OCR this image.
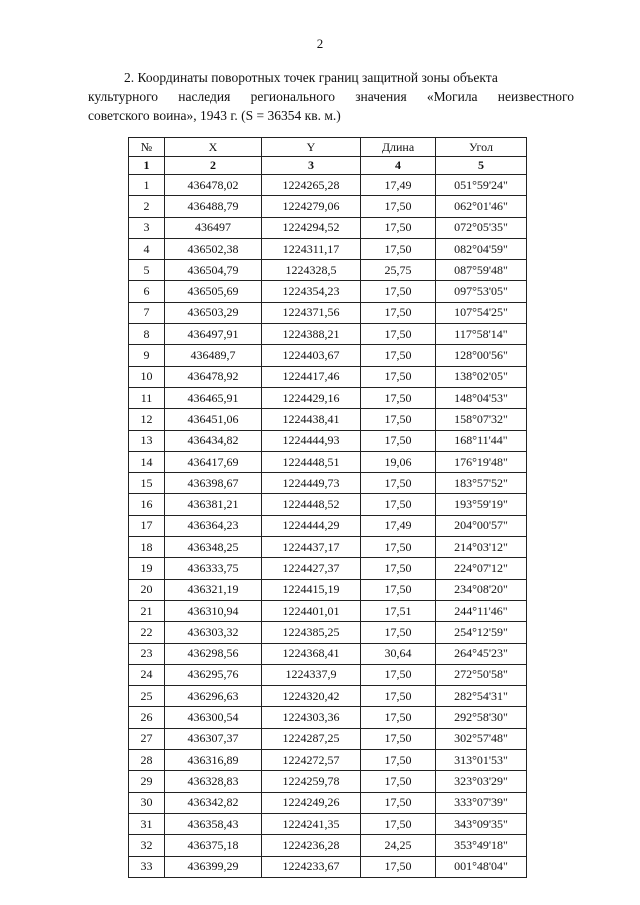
2
2. Координаты поворотных точек границ защитной зоны объекта
культурного наследия регионального значения «Могила неизвестного
советского воина», 1943 г. (S = 36354 кв. м.)
№	X	Y	Длина	Угол
1	2	3	4	5
1	436478,02	1224265,28	17,49	051°59'24"
2	436488,79	1224279,06	17,50	062°01'46"
3	436497	1224294,52	17,50	072°05'35"
4	436502,38	1224311,17	17,50	082°04'59"
5	436504,79	1224328,5	25,75	087°59'48"
6	436505,69	1224354,23	17,50	097°53'05"
7	436503,29	1224371,56	17,50	107°54'25"
8	436497,91	1224388,21	17,50	117°58'14"
9	436489,7	1224403,67	17,50	128°00'56"
10	436478,92	1224417,46	17,50	138°02'05"
11	436465,91	1224429,16	17,50	148°04'53"
12	436451,06	1224438,41	17,50	158°07'32"
13	436434,82	1224444,93	17,50	168°11'44"
14	436417,69	1224448,51	19,06	176°19'48"
15	436398,67	1224449,73	17,50	183°57'52"
16	436381,21	1224448,52	17,50	193°59'19"
17	436364,23	1224444,29	17,49	204°00'57"
18	436348,25	1224437,17	17,50	214°03'12"
19	436333,75	1224427,37	17,50	224°07'12"
20	436321,19	1224415,19	17,50	234°08'20"
21	436310,94	1224401,01	17,51	244°11'46"
22	436303,32	1224385,25	17,50	254°12'59"
23	436298,56	1224368,41	30,64	264°45'23"
24	436295,76	1224337,9	17,50	272°50'58"
25	436296,63	1224320,42	17,50	282°54'31"
26	436300,54	1224303,36	17,50	292°58'30"
27	436307,37	1224287,25	17,50	302°57'48"
28	436316,89	1224272,57	17,50	313°01'53"
29	436328,83	1224259,78	17,50	323°03'29"
30	436342,82	1224249,26	17,50	333°07'39"
31	436358,43	1224241,35	17,50	343°09'35"
32	436375,18	1224236,28	24,25	353°49'18"
33	436399,29	1224233,67	17,50	001°48'04"
